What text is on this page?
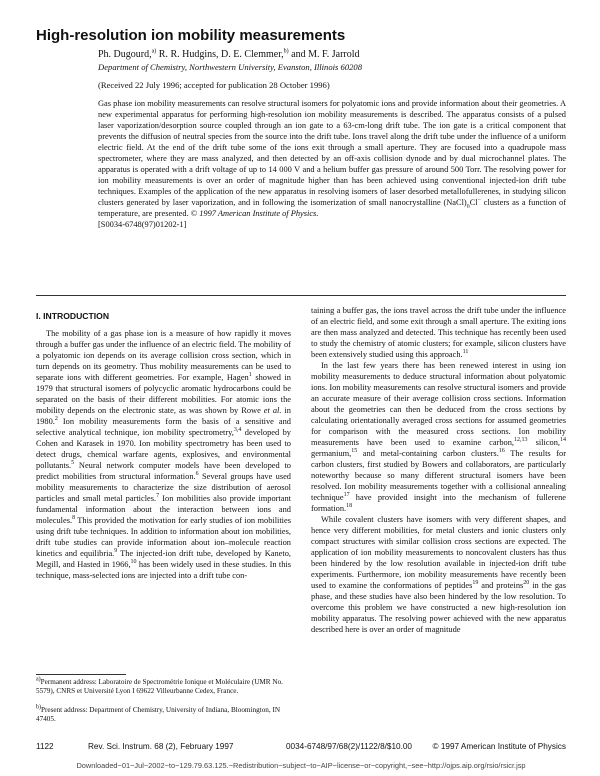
High-resolution ion mobility measurements
Ph. Dugourd,$^{a)}$ R. R. Hudgins, D. E. Clemmer,$^{b)}$ and M. F. Jarrold
Department of Chemistry, Northwestern University, Evanston, Illinois 60208
(Received 22 July 1996; accepted for publication 28 October 1996)

Gas phase ion mobility measurements can resolve structural isomers for polyatomic ions and provide information about their geometries. A new experimental apparatus for performing high-resolution ion mobility measurements is described. The apparatus consists of a pulsed laser vaporization/desorption source coupled through an ion gate to a 63-cm-long drift tube. The ion gate is a critical component that prevents the diffusion of neutral species from the source into the drift tube. Ions travel along the drift tube under the influence of a uniform electric field. At the end of the drift tube some of the ions exit through a small aperture. They are focused into a quadrupole mass spectrometer, where they are mass analyzed, and then detected by an off-axis collision dynode and by dual microchannel plates. The apparatus is operated with a drift voltage of up to 14 000 V and a helium buffer gas pressure of around 500 Torr. The resolving power for ion mobility measurements is over an order of magnitude higher than has been achieved using conventional injected-ion drift tube techniques. Examples of the application of the new apparatus in resolving isomers of laser desorbed metallofullerenes, in studying silicon clusters generated by laser vaporization, and in following the isomerization of small nanocrystalline $(NaCl)_nCl^-$ clusters as a function of temperature, are presented. © 1997 American Institute of Physics.
[S0034-6748(97)01202-1]

I. INTRODUCTION

The mobility of a gas phase ion is a measure of how rapidly it moves through a buffer gas under the influence of an electric field. The mobility of a polyatomic ion depends on its average collision cross section, which in turn depends on its geometry. Thus mobility measurements can be used to separate ions with different geometries. For example, Hagen$^1$ showed in 1979 that structural isomers of polycyclic aromatic hydrocarbons could be separated on the basis of their different mobilities. For atomic ions the mobility depends on the electronic state, as was shown by Rowe et al. in 1980.$^2$ Ion mobility measurements form the basis of a sensitive and selective analytical technique, ion mobility spectrometry,$^{3,4}$ developed by Cohen and Karasek in 1970. Ion mobility spectrometry has been used to detect drugs, chemical warfare agents, explosives, and environmental pollutants.$^5$ Neural network computer models have been developed to predict mobilities from structural information.$^6$ Several groups have used mobility measurements to characterize the size distribution of aerosol particles and small metal particles.$^7$ Ion mobilities also provide important fundamental information about the interaction between ions and molecules.$^8$ This provided the motivation for early studies of ion mobilities using drift tube techniques. In addition to information about ion mobilities, drift tube studies can provide information about ion–molecule reaction kinetics and equilibria.$^9$ The injected-ion drift tube, developed by Kaneto, Megill, and Hasted in 1966,10 has been widely used in these studies. In this technique, mass-selected ions are injected into a drift tube con-

$^{a)}$Permanent address: Laboratoire de Spectrométrie Ionique et Moléculaire (UMR No. 5579), CNRS et Université Lyon I 69622 Villeurbanne Cedex, France.
$^{b)}$Present address: Department of Chemistry, University of Indiana, Bloomington, IN 47405.

taining a buffer gas, the ions travel across the drift tube under the influence of an electric field, and some exit through a small aperture. The exiting ions are then mass analyzed and detected. This technique has recently been used to study the chemistry of atomic clusters; for example, silicon clusters have been extensively studied using this approach.$^{11}$

In the last few years there has been renewed interest in using ion mobility measurements to deduce structural information about polyatomic ions. Ion mobility measurements can resolve structural isomers and provide an accurate measure of their average collision cross sections. Information about the geometries can then be deduced from the cross sections by calculating orientationally averaged cross sections for assumed geometries for comparison with the measured cross sections. Ion mobility measurements have been used to examine carbon,$^{12,13}$ silicon,$^{14}$ germanium,$^{15}$ and metal-containing carbon clusters.$^{16}$ The results for carbon clusters, first studied by Bowers and collaborators, are particularly noteworthy because so many different structural isomers have been resolved. Ion mobility measurements together with a collisional annealing technique$^{17}$ have provided insight into the mechanism of fullerene formation.$^{18}$

While covalent clusters have isomers with very different shapes, and hence very different mobilities, for metal clusters and ionic clusters only compact structures with similar collision cross sections are expected. The application of ion mobility measurements to noncovalent clusters has thus been hindered by the low resolution available in injected-ion drift tube experiments. Furthermore, ion mobility measurements have recently been used to examine the conformations of peptides$^{19}$ and proteins$^{20}$ in the gas phase, and these studies have also been hindered by the low resolution. To overcome this problem we have constructed a new high-resolution ion mobility apparatus. The resolving power achieved with the new apparatus described here is over an order of magnitude

1122	Rev. Sci. Instrum. 68 (2), February 1997	0034-6748/97/68(2)/1122/8/$10.00	© 1997 American Institute of Physics
Downloaded−01−Jul−2002−to−129.79.63.125.−Redistribution−subject−to−AIP−license−or−copyright,−see−http://ojps.aip.org/rsio/rsicr.jsp
